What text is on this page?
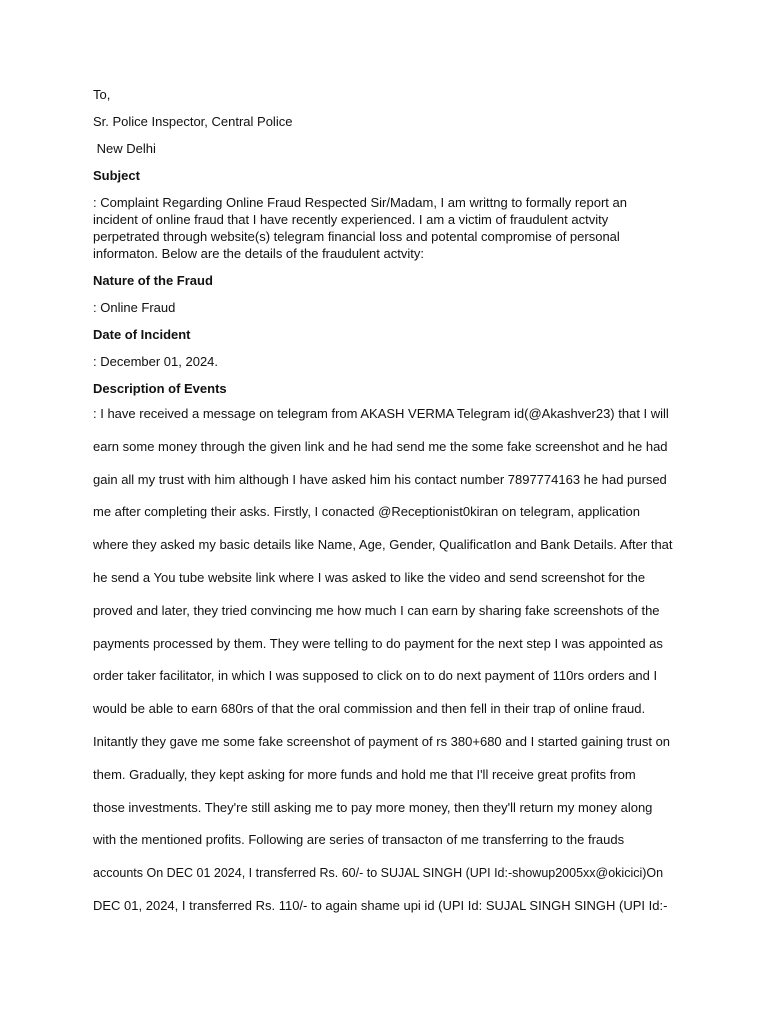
To,

Sr. Police Inspector, Central Police

New Delhi

Subject

: Complaint Regarding Online Fraud Respected Sir/Madam, I am writtng to formally report an incident of online fraud that I have recently experienced. I am a victim of fraudulent actvity perpetrated through website(s) telegram financial loss and potental compromise of personal informaton. Below are the details of the fraudulent actvity:

Nature of the Fraud

: Online Fraud

Date of Incident

: December 01, 2024.

Description of Events

: I have received a message on telegram from AKASH VERMA Telegram id(@Akashver23) that I will
earn some money through the given link and he had send me the some fake screenshot and he had
gain all my trust with him although I have asked him his contact number 7897774163 he had pursed
me after completing their asks. Firstly, I conacted @Receptionist0kiran on telegram, application
where they asked my basic details like Name, Age, Gender, QualificatIon and Bank Details. After that
he send a You tube website link where I was asked to like the video and send screenshot for the
proved and later, they tried convincing me how much I can earn by sharing fake screenshots of the
payments processed by them. They were telling to do payment for the next step I was appointed as
order taker facilitator, in which I was supposed to click on to do next payment of 110rs orders and I
would be able to earn 680rs of that the oral commission and then fell in their trap of online fraud.
Initantly they gave me some fake screenshot of payment of rs 380+680 and I started gaining trust on
them. Gradually, they kept asking for more funds and hold me that I'll receive great profits from
those investments. They're still asking me to pay more money, then they'll return my money along
with the mentioned profits. Following are series of transacton of me transferring to the frauds
accounts On DEC 01 2024, I transferred Rs. 60/- to SUJAL SINGH (UPI Id:-showup2005xx@okicici)On
DEC 01, 2024, I transferred Rs. 110/- to again shame upi id (UPI Id: SUJAL SINGH SINGH (UPI Id:-
